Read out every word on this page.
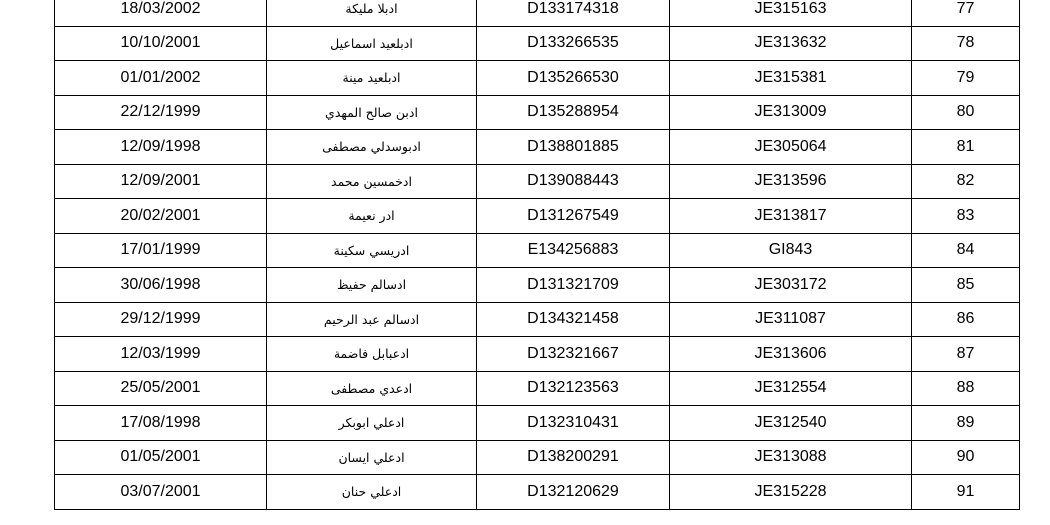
18/03/2002	ادبلا مليكة	D133174318	JE315163	77
10/10/2001	ادبلعيد اسماعيل	D133266535	JE313632	78
01/01/2002	ادبلعيد مينة	D135266530	JE315381	79
22/12/1999	ادبن صالح المهدي	D135288954	JE313009	80
12/09/1998	ادبوسدلي مصطفى	D138801885	JE305064	81
12/09/2001	ادخمسين محمد	D139088443	JE313596	82
20/02/2001	ادر نعيمة	D131267549	JE313817	83
17/01/1999	ادريسي سكينة	E134256883	GI843	84
30/06/1998	ادسالم حفيظ	D131321709	JE303172	85
29/12/1999	ادسالم عبد الرحيم	D134321458	JE311087	86
12/03/1999	ادعبابل فاضمة	D132321667	JE313606	87
25/05/2001	ادعدي مصطفى	D132123563	JE312554	88
17/08/1998	ادعلي ابوبكر	D132310431	JE312540	89
01/05/2001	ادعلي ايسان	D138200291	JE313088	90
03/07/2001	ادعلي حنان	D132120629	JE315228	91
